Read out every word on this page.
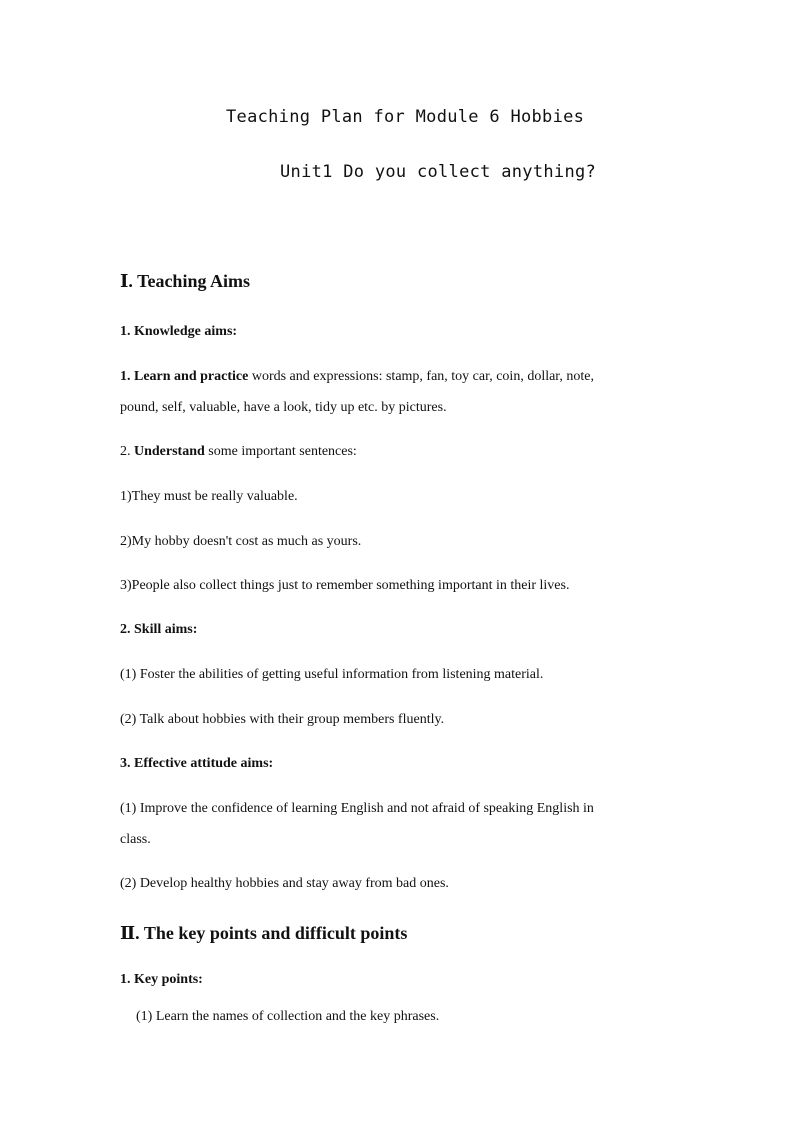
Teaching Plan for Module 6 Hobbies
Unit1 Do you collect anything?
Ⅰ. Teaching Aims
1. Knowledge aims:
1. Learn and practice words and expressions: stamp, fan, toy car, coin, dollar, note,
pound, self, valuable, have a look, tidy up etc. by pictures.
2. Understand some important sentences:
1)They must be really valuable.
2)My hobby doesn't cost as much as yours.
3)People also collect things just to remember something important in their lives.
2. Skill aims:
(1) Foster the abilities of getting useful information from listening material.
(2) Talk about hobbies with their group members fluently.
3. Effective attitude aims:
(1) Improve the confidence of learning English and not afraid of speaking English in
class.
(2) Develop healthy hobbies and stay away from bad ones.
Ⅱ. The key points and difficult points
1. Key points:
(1) Learn the names of collection and the key phrases.
